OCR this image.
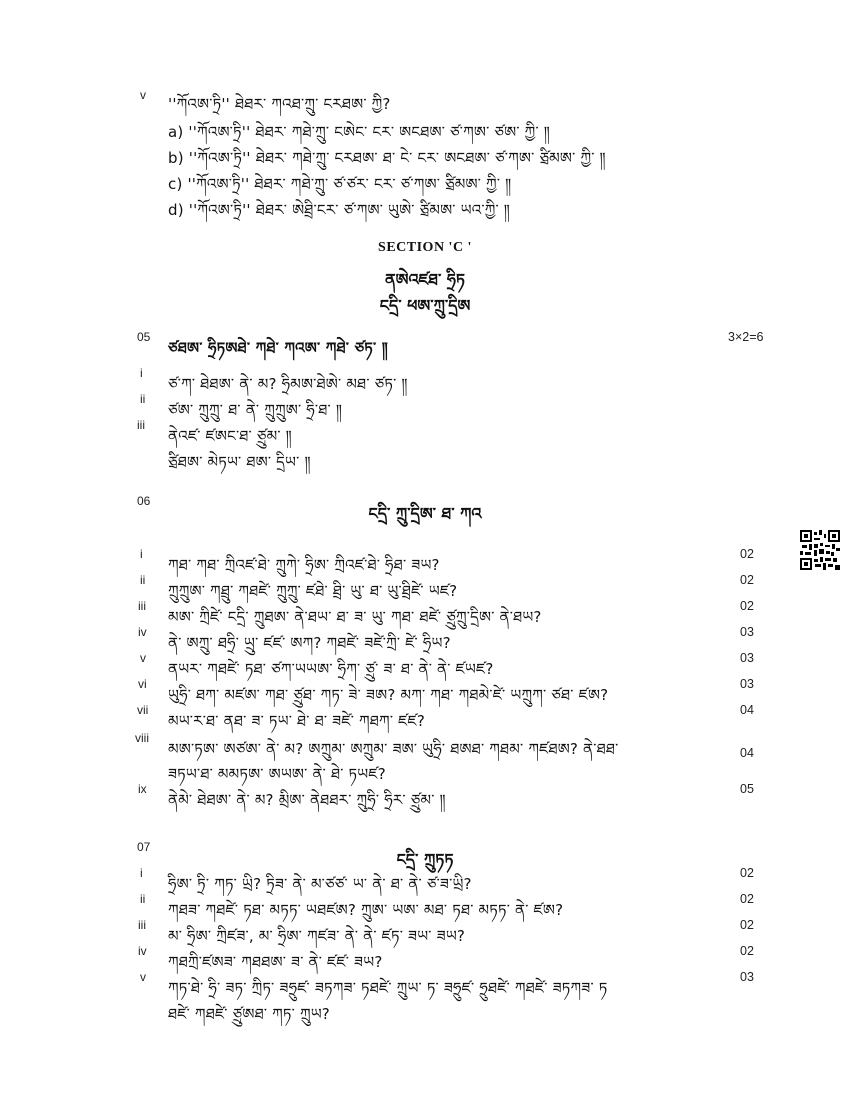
v ''ཀོའཨ་ཏྲི'' ཐེཐར་ ཀའཐ་ཀྲུ་ ངརཐཨ་ ཀྱི?
a) ''ཀོའཨ་ཏྲི'' ཐེཐར་ ཀཐེ་ཀྲུ་ ངཨེང་ ངར་ ཨངཐཨ་ ཙ་ཀཨ་ ཙཨ་ ཀྱི་ ༎
b) ''ཀོའཨ་ཏྲི'' ཐེཐར་ ཀཐེ་ཀྲུ་ ངརཐཨ་ ཐ་ ངེ་ ངར་ ཨངཐཨ་ ཙ་ཀཨ་ ཙྲིམཨ་ ཀྱི་ ༎
c) ''ཀོའཨ་ཏྲི'' ཐེཐར་ ཀཐེ་ཀྲུ་ ཙ་ཙར་ ངར་ ཙ་ཀཨ་ ཙྲིམཨ་ ཀྱི་ ༎
d) ''ཀོའཨ་ཏྲི'' ཐེཐར་ ཨེཐྲི་ངར་ ཙ་ཀཨ་ ཡུཨེ་ ཙྲིམཨ་ ཡའ་ཀྱི་ ༎
SECTION 'C '
ནཨེའཛཐ་ ཧྲིཏ
ངདྲི་ ཕཨ་ཀྲུ་དྲིཨ
05
ཙཐཨ་ ཧྲིཏཨཐེ་ ཀཐེ་ ཀའཨ་ ཀཐེ་ ཙཏ་ ༎
3×2=6
i
ཙ་ཀ་ ཐེཐཨ་ ནེ་ མ? ཧྲིམཨ་ཐེཨེ་ མཐ་ ཙཏ་ ༎
ii
ཙཨ་ ཀྲུཀྲུ་ ཐ་ ནེ་ ཀྲུཀྲུཨ་ ཧྲི་ཐ་ ༎
iii
ནེའཛ་ ཛཨང་ཐ་ ཙྲུམ་ ༎
ཙྲིཐཨ་ མེཏཡ་ ཐཨ་ དྲིཡ་ ༎
06
ངདྲི་ ཀྲུ་དྲིཨ་ ཐ་ ཀའ
i
ཀཐ་ ཀཐ་ ཀྲིའཛ་ཐེ་ ཀྲུཀེ་ ཧྲིཨ་ ཀྲིའཛ་ཐེ་ ཧྲིཐ་ ཟཡ?
02
ii
ཀྲུཀྲུཨ་ ཀཐྲུ་ ཀཐཛེ་ ཀྲུཀྲུ་ ཛཐེ་ ཐྲི་ ཡུ་ ཐ་ ཡུ་ཐྲིཛེ་ ཡཛ?
02
iii
མཨ་ ཀྲིཛེ་ ངདྲི་ ཀྲུཐཨ་ ནེ་ཐཡ་ ཐ་ ཟ་ ཡུ་ ཀཐ་ ཐཛེ་ ཙྲུཀྲུ་དྲིཨ་ ནེ་ཐཡ?
02
iv
ནེ་ ཨཀྲུ་ ཐཧྲི་ ཡྲུ་ ཛཛ་ ཨཀ? ཀཐཛེ་ ཟཛེ་ཀྲི་ ཛེ་ ཧྲིཡ?
03
v
ནཡར་ ཀཐཛེ་ ཏཐ་ ཙཀ་ཡཡཨ་ ཧྲིཀ་ ཙྲུ་ ཟ་ ཐ་ ནེ་ ནེ་ ཛཡཛ?
03
vi
ཡུཧྲི་ ཐཀ་ མཛཨ་ ཀཐ་ ཙྲུཐ་ ཀཏ་ ཟེ་ ཟཨ? མཀ་ ཀཐ་ ཀཐམེ་ཛེ་ ཡཀྲུཀ་ ཙཐ་ ཛཨ?
03
vii
མཡ་ར་ཐ་ ནཐ་ ཟ་ ཏཡ་ ཐེ་ ཐ་ ཟཛེ་ ཀཐཀ་ ཛཛ?
04
viii
མཨ་ཏཨ་ ཨཙཨ་ ནེ་ མ? ཨཀྲུམ་ ཨཀྲུམ་ ཟཨ་ ཡུཧྲི་ ཐཨཐ་ ཀཐམ་ ཀཛཐཨ? ནེ་ཐཐ་	04
ཟཏཡ་ཐ་ མམཏཨ་ ཨཡཨ་ ནེ་ ཐེ་ ཏཡཛ?
ix
ནེམེ་ ཐེཐཨ་ ནེ་ མ? མྲིཨ་ ནེཐཐར་ ཀྲུཧྲི་ ཧྲིར་ ཙྲུམ་ ༎
05
07
ངདྲི་ ཀྲུཏཏ
i
ཧྲིཨ་ ཏྲི་ ཀཏ་ ཡྲི? ཏྲིཟ་ ནེ་ མ་ཙཙ་ ཡ་ ནེ་ ཐ་ ནེ་ ཙ་ཟ་ཡྲི?
02
ii
ཀཐཟ་ ཀཐཛེ་ ཏཐ་ མཏཏ་ ཡཐཛཨ? ཀྲུཨ་ ཡཨ་ མཐ་ ཏཐ་ མཏཏ་ ནེ་ ཛཨ?
02
iii
མ་ ཧྲིཨ་ ཀྲིཛཟ་, མ་ ཧྲིཨ་ ཀཛཟ་ ནེ་ ནེ་ ཛཏ་ ཟཡ་ ཟཡ?
02
iv
ཀཐཀྲི་ཛཨཟ་ ཀཐཐཨ་ ཟ་ ནེ་ ཛཛ་ ཟཡ?
02
v
ཀཏ་ཐེ་ ཧྲི་ ཟཏ་ ཀྲིཏ་ ཟཧྲུཛ་ ཟཏཀཟ་ ཏཐཛེ་ ཀྲུཡ་ ཏ་ ཟཧྲུཛ་ ཧྲུཐཛེ་ ཀཐཛེ་ ཟཏཀཟ་ ཏ
03
ཐཛེ་ ཀཐཛེ་ ཙྲུཨཐ་ ཀཏ་ ཀྲུཡ?
